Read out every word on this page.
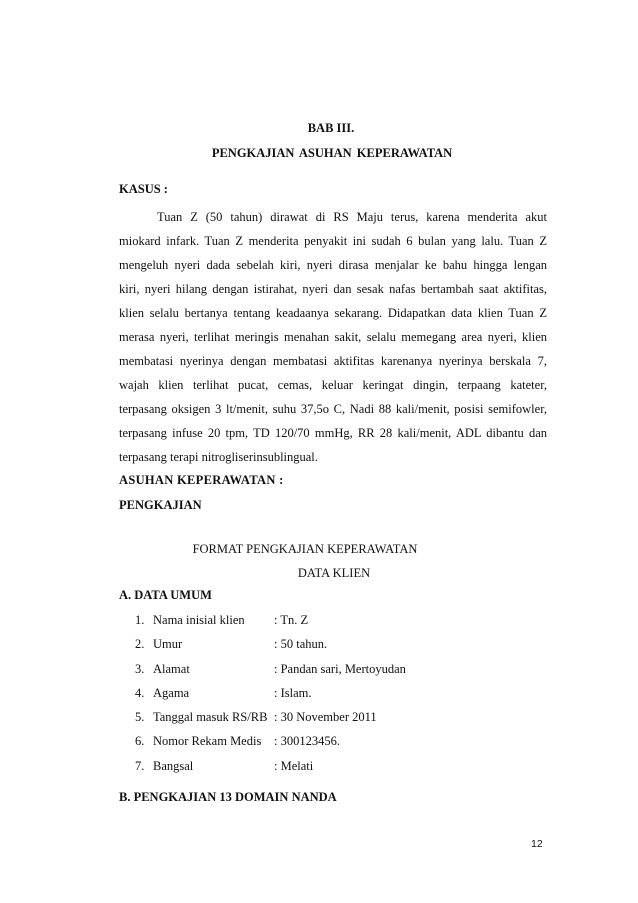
BAB III.
PENGKAJIAN ASUHAN KEPERAWATAN
KASUS :
Tuan Z (50 tahun) dirawat di RS Maju terus, karena menderita akut
miokard infark. Tuan Z menderita penyakit ini sudah 6 bulan yang lalu. Tuan Z
mengeluh nyeri dada sebelah kiri, nyeri dirasa menjalar ke bahu hingga lengan
kiri, nyeri hilang dengan istirahat, nyeri dan sesak nafas bertambah saat aktifitas,
klien selalu bertanya tentang keadaanya sekarang. Didapatkan data klien Tuan Z
merasa nyeri, terlihat meringis menahan sakit, selalu memegang area nyeri, klien
membatasi nyerinya dengan membatasi aktifitas karenanya nyerinya berskala 7,
wajah klien terlihat pucat, cemas, keluar keringat dingin, terpaang kateter,
terpasang oksigen 3 lt/menit, suhu 37,5o C, Nadi 88 kali/menit, posisi semifowler,
terpasang infuse 20 tpm, TD 120/70 mmHg, RR 28 kali/menit, ADL dibantu dan
terpasang terapi nitrogliserinsublingual.
ASUHAN KEPERAWATAN :
PENGKAJIAN
FORMAT PENGKAJIAN KEPERAWATAN
DATA KLIEN
A. DATA UMUM
1. Nama inisial klien : Tn. Z
2. Umur	: 50 tahun.
3. Alamat	: Pandan sari, Mertoyudan
4. Agama	: Islam.
5. Tanggal masuk RS/RB : 30 November 2011
6. Nomor Rekam Medis : 300123456.
7. Bangsal	: Melati
B. PENGKAJIAN 13 DOMAIN NANDA
12
